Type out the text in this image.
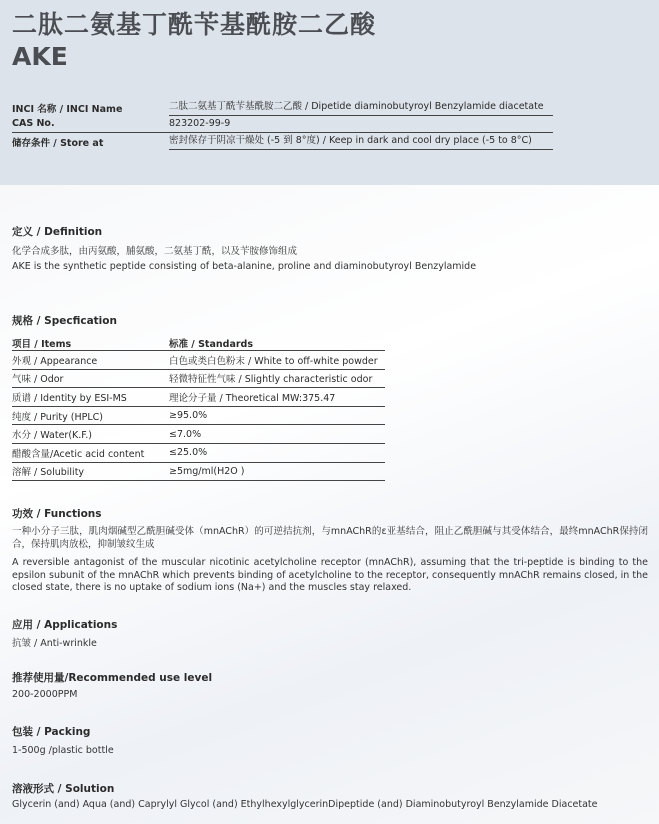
二肽二氨基丁酰苄基酰胺二乙酸
AKE
INCI 名称 / INCI Name	二肽二氨基丁酰苄基酰胺二乙酸 / Dipetide diaminobutyroyl Benzylamide diacetate
CAS No.	823202-99-9
储存条件 / Store at	密封保存于阴凉干燥处 (-5 到 8°度) / Keep in dark and cool dry place (-5 to 8°C)
定义 / Definition
化学合成多肽，由丙氨酸，脯氨酸，二氨基丁酰，以及苄胺修饰组成
AKE is the synthetic peptide consisting of beta-alanine, proline and diaminobutyroyl Benzylamide
规格 / Specfication
项目 / Items	标准 / Standards
外观 / Appearance	白色或类白色粉末 / White to off-white powder
气味 / Odor	轻微特征性气味 / Slightly characteristic odor
质谱 / Identity by ESI-MS	理论分子量 / Theoretical MW:375.47
纯度 / Purity (HPLC)	≥95.0%
水分 / Water(K.F.)	≤7.0%
醋酸含量/Acetic acid content	≤25.0%
溶解 / Solubility	≥5mg/ml(H2O )
功效 / Functions
一种小分子三肽，肌肉烟碱型乙酰胆碱受体（mnAChR）的可逆拮抗剂，与mnAChR的ε亚基结合，阻止乙酰胆碱与其受体结合，最终mnAChR保持闭合，保持肌肉放松，抑制皱纹生成
A reversible antagonist of the muscular nicotinic acetylcholine receptor (mnAChR), assuming that the tri-peptide is binding to the epsilon subunit of the mnAChR which prevents binding of acetylcholine to the receptor, consequently mnAChR remains closed, in the closed state, there is no uptake of sodium ions (Na+) and the muscles stay relaxed.
应用 / Applications
抗皱 / Anti-wrinkle
推荐使用量/Recommended use level
200-2000PPM
包装 / Packing
1-500g /plastic bottle
溶液形式 / Solution
Glycerin (and) Aqua (and) Caprylyl Glycol (and) EthylhexylglycerinDipeptide (and) Diaminobutyroyl Benzylamide Diacetate
